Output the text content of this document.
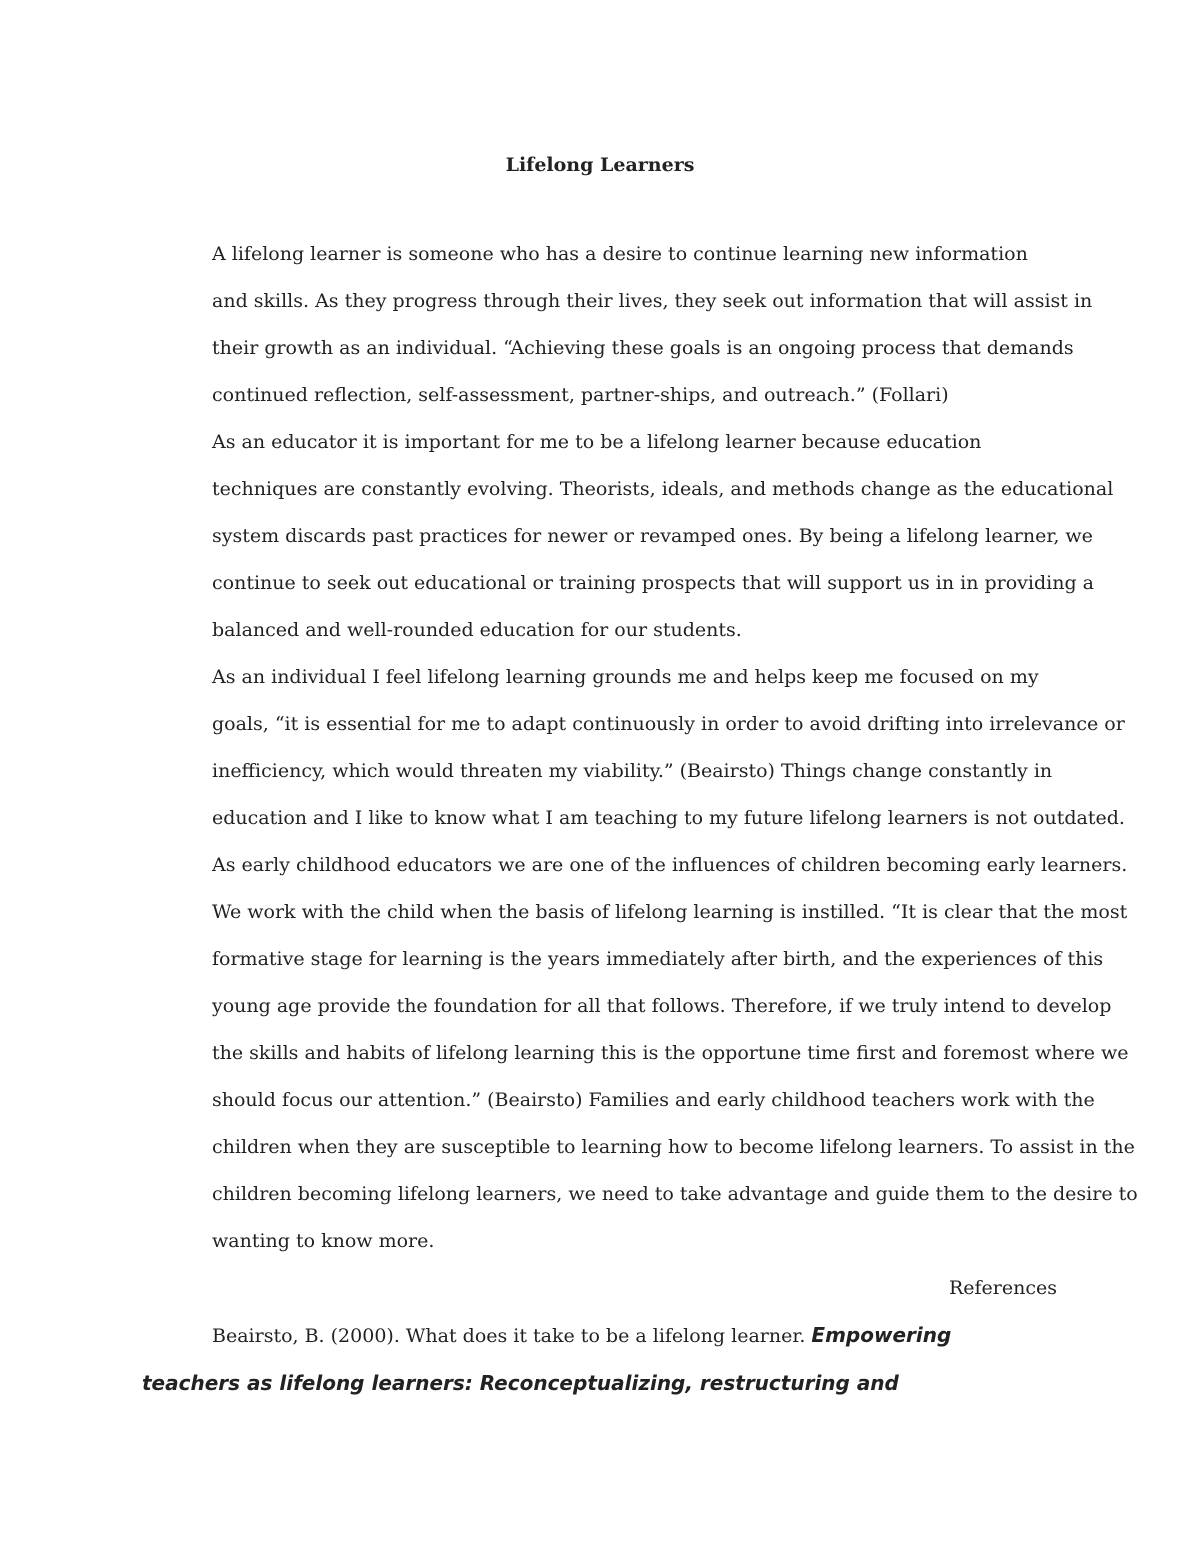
Lifelong Learners

A lifelong learner is someone who has a desire to continue learning new information
and skills. As they progress through their lives, they seek out information that will assist in
their growth as an individual. “Achieving these goals is an ongoing process that demands
continued reflection, self-assessment, partner-ships, and outreach.” (Follari)

As an educator it is important for me to be a lifelong learner because education
techniques are constantly evolving. Theorists, ideals, and methods change as the educational
system discards past practices for newer or revamped ones. By being a lifelong learner, we
continue to seek out educational or training prospects that will support us in in providing a
balanced and well-rounded education for our students.

As an individual I feel lifelong learning grounds me and helps keep me focused on my
goals, “it is essential for me to adapt continuously in order to avoid drifting into irrelevance or
inefficiency, which would threaten my viability.” (Beairsto) Things change constantly in
education and I like to know what I am teaching to my future lifelong learners is not outdated.
As early childhood educators we are one of the influences of children becoming early learners.
We work with the child when the basis of lifelong learning is instilled. “It is clear that the most
formative stage for learning is the years immediately after birth, and the experiences of this
young age provide the foundation for all that follows. Therefore, if we truly intend to develop
the skills and habits of lifelong learning this is the opportune time first and foremost where we
should focus our attention.” (Beairsto) Families and early childhood teachers work with the
children when they are susceptible to learning how to become lifelong learners. To assist in the
children becoming lifelong learners, we need to take advantage and guide them to the desire to
wanting to know more.

References

Beairsto, B. (2000). What does it take to be a lifelong learner. Empowering
teachers as lifelong learners: Reconceptualizing, restructuring and
